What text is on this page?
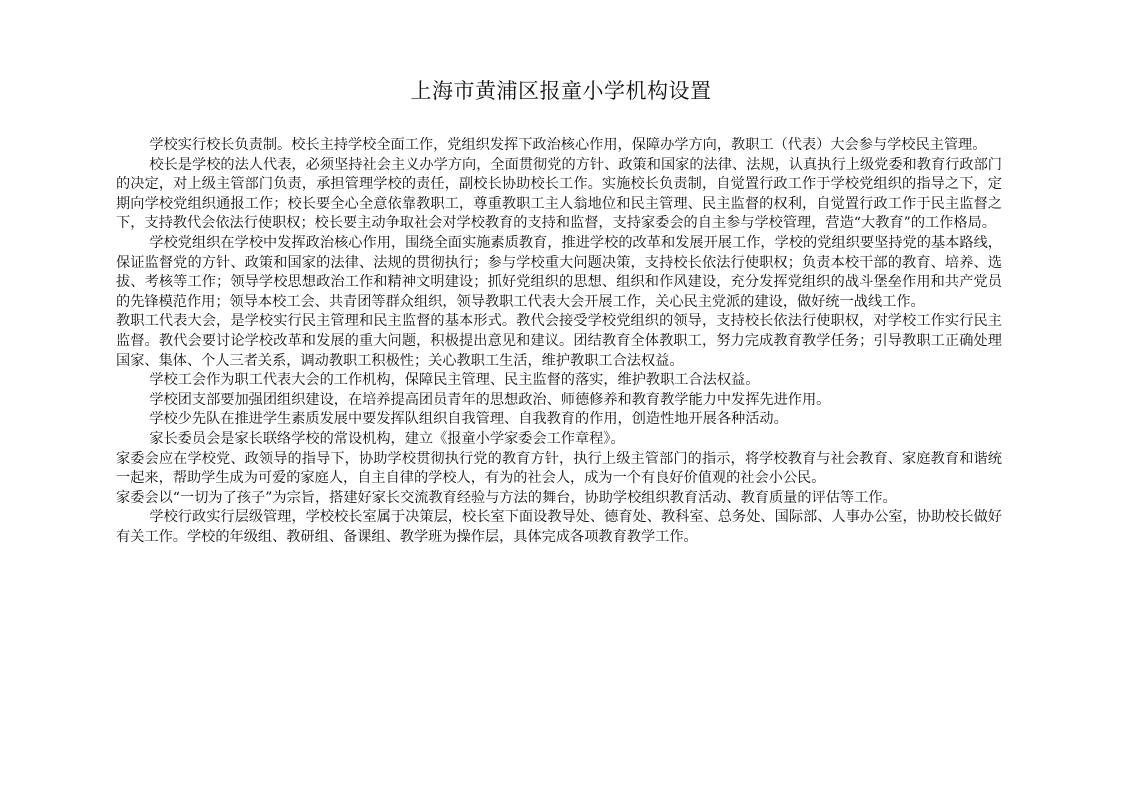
上海市黄浦区报童小学机构设置

学校实行校长负责制。校长主持学校全面工作，党组织发挥下政治核心作用，保障办学方向，教职工（代表）大会参与学校民主管理。

校长是学校的法人代表，必须坚持社会主义办学方向，全面贯彻党的方针、政策和国家的法律、法规，认真执行上级党委和教育行政部门的决定，对上级主管部门负责，承担管理学校的责任，副校长协助校长工作。实施校长负责制，自觉置行政工作于学校党组织的指导之下，定期向学校党组织通报工作；校长要全心全意依靠教职工，尊重教职工主人翁地位和民主管理、民主监督的权利，自觉置行政工作于民主监督之下，支持教代会依法行使职权；校长要主动争取社会对学校教育的支持和监督，支持家委会的自主参与学校管理，营造“大教育”的工作格局。

学校党组织在学校中发挥政治核心作用，围绕全面实施素质教育，推进学校的改革和发展开展工作，学校的党组织要坚持党的基本路线，保证监督党的方针、政策和国家的法律、法规的贯彻执行；参与学校重大问题决策，支持校长依法行使职权；负责本校干部的教育、培养、选拔、考核等工作；领导学校思想政治工作和精神文明建设；抓好党组织的思想、组织和作风建设，充分发挥党组织的战斗堡垒作用和共产党员的先锋模范作用；领导本校工会、共青团等群众组织，领导教职工代表大会开展工作，关心民主党派的建设，做好统一战线工作。

教职工代表大会，是学校实行民主管理和民主监督的基本形式。教代会接受学校党组织的领导，支持校长依法行使职权，对学校工作实行民主监督。教代会要讨论学校改革和发展的重大问题，积极提出意见和建议。团结教育全体教职工，努力完成教育教学任务；引导教职工正确处理国家、集体、个人三者关系，调动教职工积极性；关心教职工生活，维护教职工合法权益。

学校工会作为职工代表大会的工作机构，保障民主管理、民主监督的落实，维护教职工合法权益。

学校团支部要加强团组织建设，在培养提高团员青年的思想政治、师德修养和教育教学能力中发挥先进作用。

学校少先队在推进学生素质发展中要发挥队组织自我管理、自我教育的作用，创造性地开展各种活动。

家长委员会是家长联络学校的常设机构，建立《报童小学家委会工作章程》。

家委会应在学校党、政领导的指导下，协助学校贯彻执行党的教育方针，执行上级主管部门的指示，将学校教育与社会教育、家庭教育和谐统一起来，帮助学生成为可爱的家庭人，自主自律的学校人，有为的社会人，成为一个有良好价值观的社会小公民。

家委会以“一切为了孩子”为宗旨，搭建好家长交流教育经验与方法的舞台，协助学校组织教育活动、教育质量的评估等工作。

学校行政实行层级管理，学校校长室属于决策层，校长室下面设教导处、德育处、教科室、总务处、国际部、人事办公室，协助校长做好有关工作。学校的年级组、教研组、备课组、教学班为操作层，具体完成各项教育教学工作。
